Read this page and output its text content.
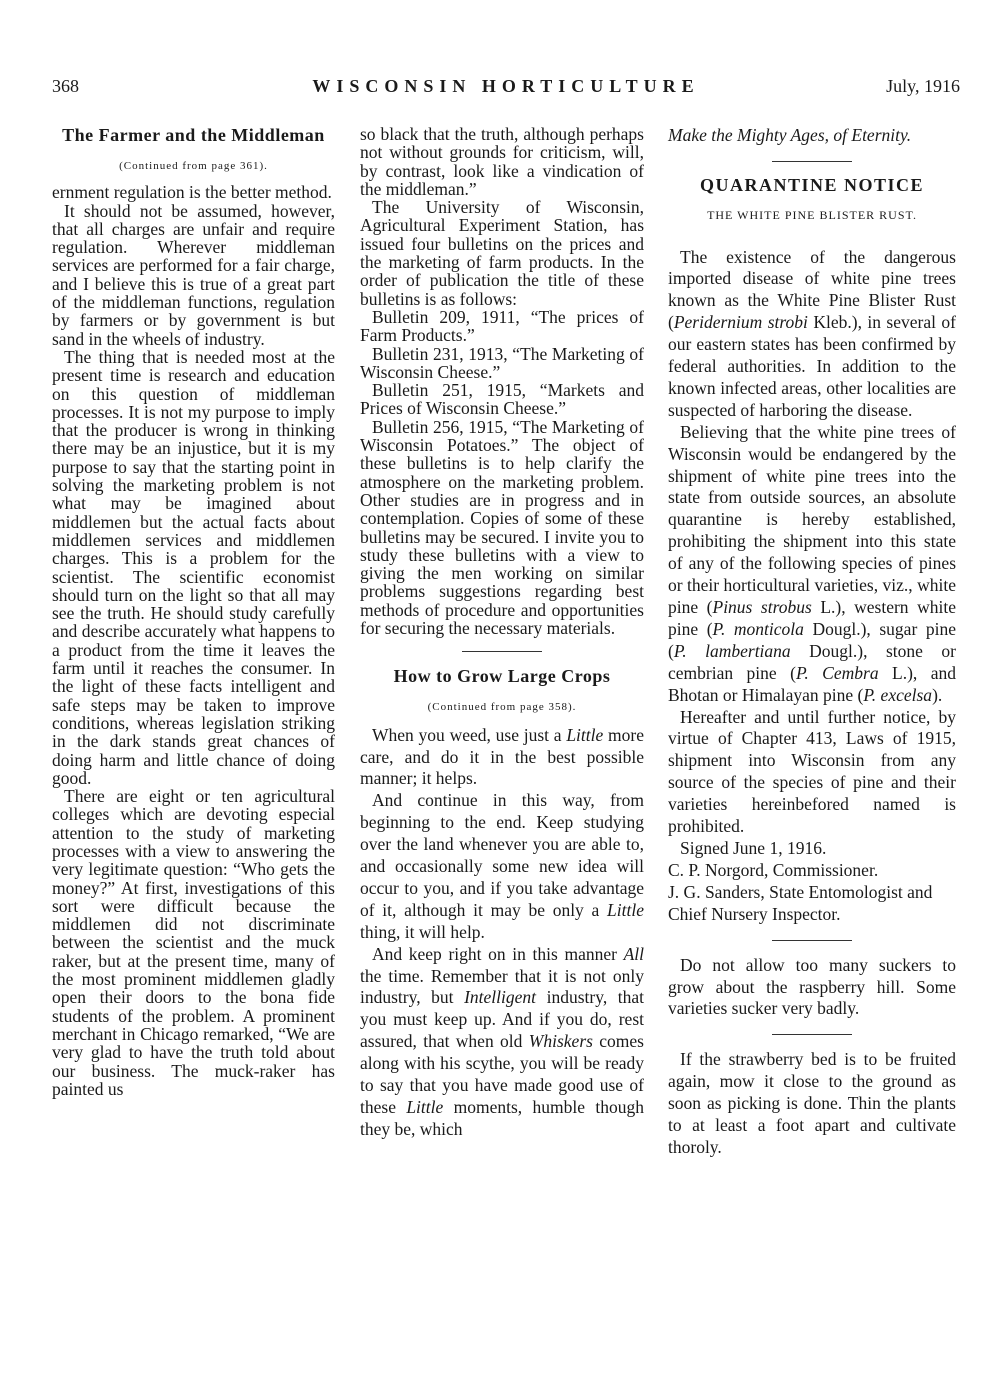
368	WISCONSIN HORTICULTURE	July, 1916
The Farmer and the Middleman
(Continued from page 361).

ernment regulation is the better method.

It should not be assumed, however, that all charges are unfair and require regulation. Wherever middleman services are performed for a fair charge, and I believe this is true of a great part of the middleman functions, regulation by farmers or by government is but sand in the wheels of industry.

The thing that is needed most at the present time is research and education on this question of middleman processes. It is not my purpose to imply that the producer is wrong in thinking there may be an injustice, but it is my purpose to say that the starting point in solving the marketing problem is not what may be imagined about middlemen but the actual facts about middlemen services and middlemen charges. This is a problem for the scientist. The scientific economist should turn on the light so that all may see the truth. He should study carefully and describe accurately what happens to a product from the time it leaves the farm until it reaches the consumer. In the light of these facts intelligent and safe steps may be taken to improve conditions, whereas legislation striking in the dark stands great chances of doing harm and little chance of doing good.

There are eight or ten agricultural colleges which are devoting especial attention to the study of marketing processes with a view to answering the very legitimate question: “Who gets the money?” At first, investigations of this sort were difficult because the middlemen did not discriminate between the scientist and the muck raker, but at the present time, many of the most prominent middlemen gladly open their doors to the bona fide students of the problem. A prominent merchant in Chicago remarked, “We are very glad to have the truth told about our business. The muck-raker has painted us

so black that the truth, although perhaps not without grounds for criticism, will, by contrast, look like a vindication of the middleman.”

The University of Wisconsin, Agricultural Experiment Station, has issued four bulletins on the prices and the marketing of farm products. In the order of publication the title of these bulletins is as follows:

Bulletin 209, 1911, “The prices of Farm Products.”

Bulletin 231, 1913, “The Marketing of Wisconsin Cheese.”

Bulletin 251, 1915, “Markets and Prices of Wisconsin Cheese.”

Bulletin 256, 1915, “The Marketing of Wisconsin Potatoes.” The object of these bulletins is to help clarify the atmosphere on the marketing problem. Other studies are in progress and in contemplation. Copies of some of these bulletins may be secured. I invite you to study these bulletins with a view to giving the men working on similar problems suggestions regarding best methods of procedure and opportunities for securing the necessary materials.

How to Grow Large Crops
(Continued from page 358).

When you weed, use just a Little more care, and do it in the best possible manner; it helps.

And continue in this way, from beginning to the end. Keep studying over the land whenever you are able to, and occasionally some new idea will occur to you, and if you take advantage of it, although it may be only a Little thing, it will help.

And keep right on in this manner All the time. Remember that it is not only industry, but Intelligent industry, that you must keep up. And if you do, rest assured, that when old Whiskers comes along with his scythe, you will be ready to say that you have made good use of these Little moments, humble though they be, which

Make the Mighty Ages, of Eternity.

QUARANTINE NOTICE
THE WHITE PINE BLISTER RUST.

The existence of the dangerous imported disease of white pine trees known as the White Pine Blister Rust (Peridernium strobi Kleb.), in several of our eastern states has been confirmed by federal authorities. In addition to the known infected areas, other localities are suspected of harboring the disease.

Believing that the white pine trees of Wisconsin would be endangered by the shipment of white pine trees into the state from outside sources, an absolute quarantine is hereby established, prohibiting the shipment into this state of any of the following species of pines or their horticultural varieties, viz., white pine (Pinus strobus L.), western white pine (P. monticola Dougl.), sugar pine (P. lambertiana Dougl.), stone or cembrian pine (P. Cembra L.), and Bhotan or Himalayan pine (P. excelsa).

Hereafter and until further notice, by virtue of Chapter 413, Laws of 1915, shipment into Wisconsin from any source of the species of pine and their varieties hereinbefored named is prohibited.

Signed June 1, 1916.

C. P. Norgord, Commissioner.

J. G. Sanders, State Entomologist and Chief Nursery Inspector.

Do not allow too many suckers to grow about the raspberry hill. Some varieties sucker very badly.

If the strawberry bed is to be fruited again, mow it close to the ground as soon as picking is done. Thin the plants to at least a foot apart and cultivate thoroly.
